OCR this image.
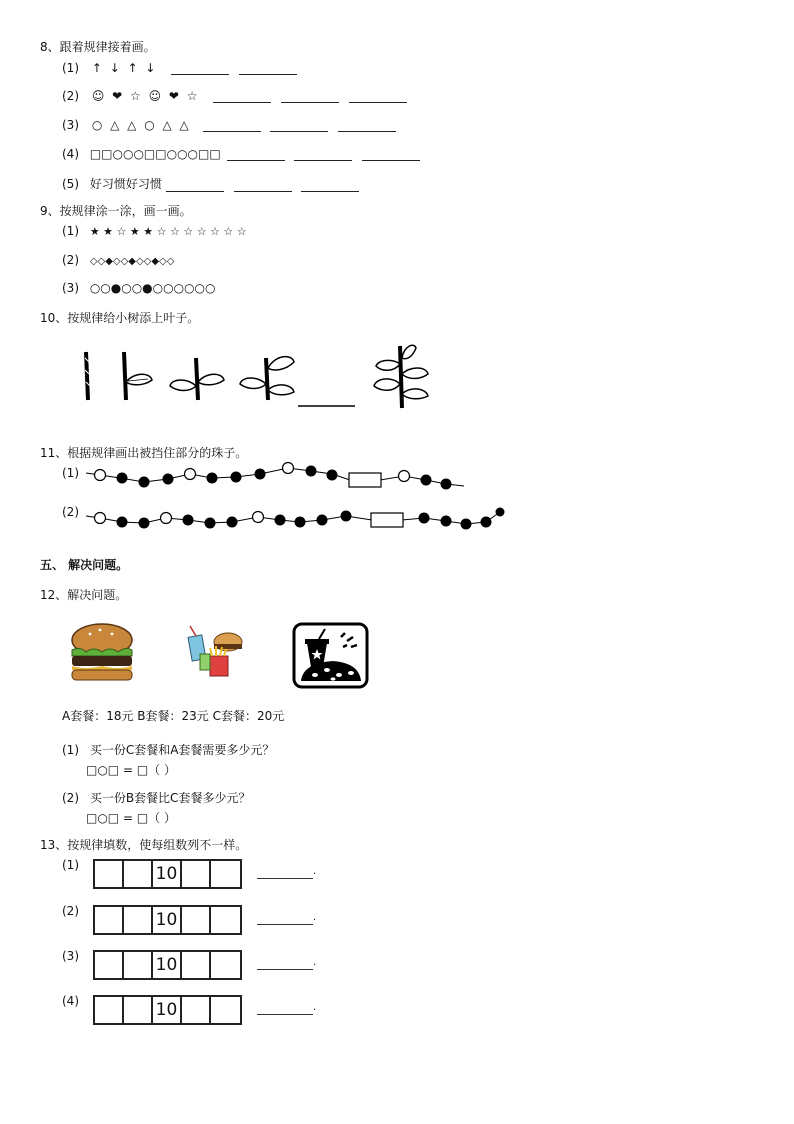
8、跟着规律接着画。
(1) ↑ ↓ ↑ ↓
(2) ☺ ❤ ☆ ☺ ❤ ☆
(3) ○ △ △ ○ △ △
(4) □□○○○□□○○○□□
(5) 好习惯好习惯
9、按规律涂一涂，画一画。
(1) ★ ★ ☆ ★ ★ ☆ ☆ ☆ ☆ ☆ ☆ ☆
(2) ◇◇◆◇◇◆◇◇◆◇◇
(3) ○○●○○●○○○○○○
10、按规律给小树添上叶子。
11、根据规律画出被挡住部分的珠子。
(1)
(2)
五、 解决问题。
12、解决问题。
A套餐：18元 B套餐：23元 C套餐：20元
(1) 买一份C套餐和A套餐需要多少元？
□○□ = □（ ）
(2) 买一份B套餐比C套餐多少元？
□○□ = □（ ）
13、按规律填数，使每组数列不一样。
(1)	10	.
(2)	10	.
(3)	10	.
(4)	10	.
